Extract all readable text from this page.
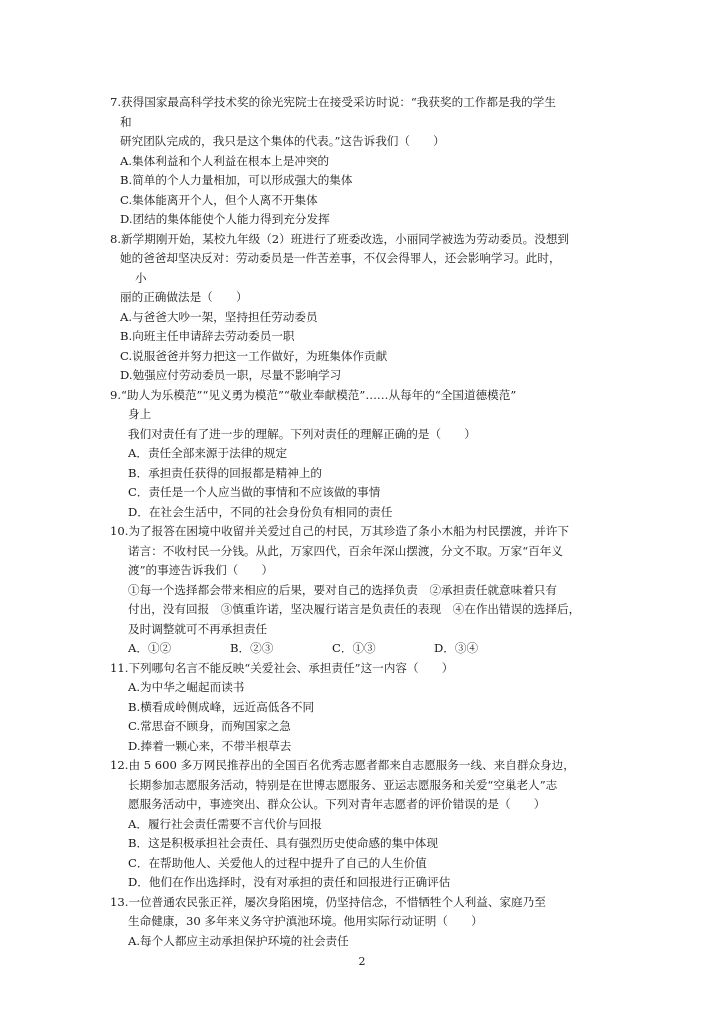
7.获得国家最高科学技术奖的徐光宪院士在接受采访时说：“我获奖的工作都是我的学生
和
研究团队完成的，我只是这个集体的代表。”这告诉我们（　　）
A.集体利益和个人利益在根本上是冲突的
B.简单的个人力量相加，可以形成强大的集体
C.集体能离开个人，但个人离不开集体
D.团结的集体能使个人能力得到充分发挥
8.新学期刚开始，某校九年级（2）班进行了班委改选，小丽同学被选为劳动委员。没想到
她的爸爸却坚决反对：劳动委员是一件苦差事，不仅会得罪人，还会影响学习。此时，
小
丽的正确做法是（　　）
A.与爸爸大吵一架，坚持担任劳动委员
B.向班主任申请辞去劳动委员一职
C.说服爸爸并努力把这一工作做好，为班集体作贡献
D.勉强应付劳动委员一职，尽量不影响学习
9.“助人为乐模范”“见义勇为模范”“敬业奉献模范”……从每年的“全国道德模范”
身上
我们对责任有了进一步的理解。下列对责任的理解正确的是（　　）
A．责任全部来源于法律的规定
B．承担责任获得的回报都是精神上的
C．责任是一个人应当做的事情和不应该做的事情
D．在社会生活中，不同的社会身份负有相同的责任
10.为了报答在困境中收留并关爱过自己的村民，万其珍造了条小木船为村民摆渡，并许下
诺言：不收村民一分钱。从此，万家四代，百余年深山摆渡，分文不取。万家“百年义
渡”的事迹告诉我们（　　）
①每一个选择都会带来相应的后果，要对自己的选择负责　②承担责任就意味着只有
付出，没有回报　③慎重许诺，坚决履行诺言是负责任的表现　④在作出错误的选择后，
及时调整就可不再承担责任
A．①②	B．②③	C．①③	D．③④
11.下列哪句名言不能反映“关爱社会、承担责任”这一内容（　　）
A.为中华之崛起而读书
B.横看成岭侧成峰，远近高低各不同
C.常思奋不顾身，而殉国家之急
D.捧着一颗心来，不带半根草去
12.由 5 600 多万网民推荐出的全国百名优秀志愿者都来自志愿服务一线、来自群众身边，
长期参加志愿服务活动，特别是在世博志愿服务、亚运志愿服务和关爱“空巢老人”志
愿服务活动中，事迹突出、群众公认。下列对青年志愿者的评价错误的是（　　）
A．履行社会责任需要不言代价与回报
B．这是积极承担社会责任、具有强烈历史使命感的集中体现
C．在帮助他人、关爱他人的过程中提升了自己的人生价值
D．他们在作出选择时，没有对承担的责任和回报进行正确评估
13.一位普通农民张正祥，屡次身陷困境，仍坚持信念，不惜牺牲个人利益、家庭乃至
生命健康，30 多年来义务守护滇池环境。他用实际行动证明（　　）
A.每个人都应主动承担保护环境的社会责任
2
